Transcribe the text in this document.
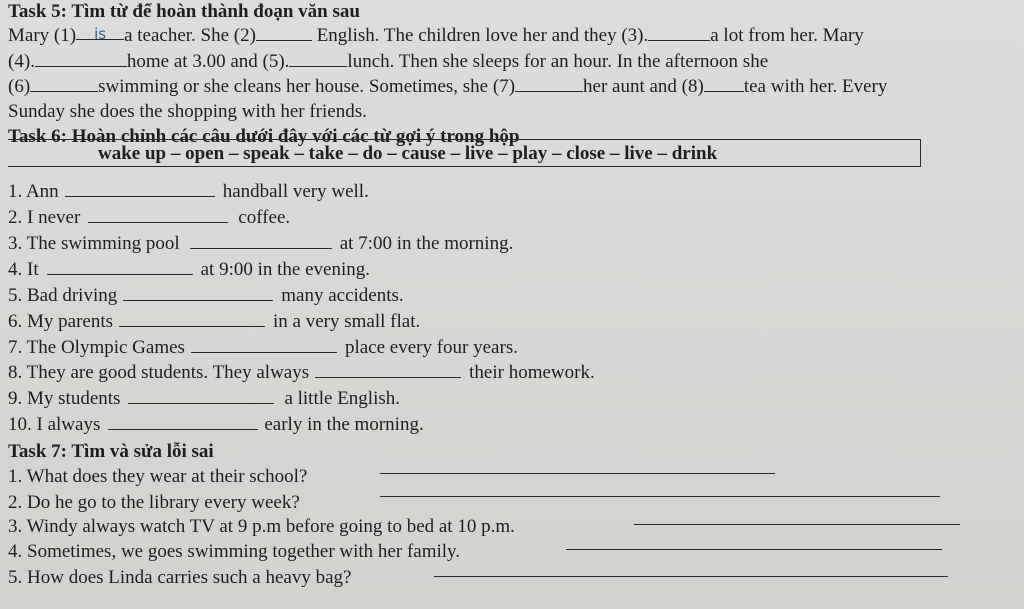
Task 5: Tìm từ để hoàn thành đoạn văn sau
Mary (1) is a teacher. She (2)	English. The children love her and they (3).	a lot from her. Mary
(4).	home at 3.00 and (5).	lunch. Then she sleeps for an hour. In the afternoon she
(6)	swimming or she cleans her house. Sometimes, she (7)	her aunt and (8) tea with her. Every
Sunday she does the shopping with her friends.
Task 6: Hoàn chỉnh các câu dưới đây với các từ gợi ý trong hộp
wake up – open – speak – take – do – cause – live – play – close – live – drink
1. Ann	handball very well.
2. I never	coffee.
3. The swimming pool	at 7:00 in the morning.
4. It	at 9:00 in the evening.
5. Bad driving	many accidents.
6. My parents	in a very small flat.
7. The Olympic Games	place every four years.
8. They are good students. They always	their homework.
9. My students	a little English.
10. I always	early in the morning.
Task 7: Tìm và sửa lỗi sai
1. What does they wear at their school?
2. Do he go to the library every week?
3. Windy always watch TV at 9 p.m before going to bed at 10 p.m.
4. Sometimes, we goes swimming together with her family.
5. How does Linda carries such a heavy bag?
